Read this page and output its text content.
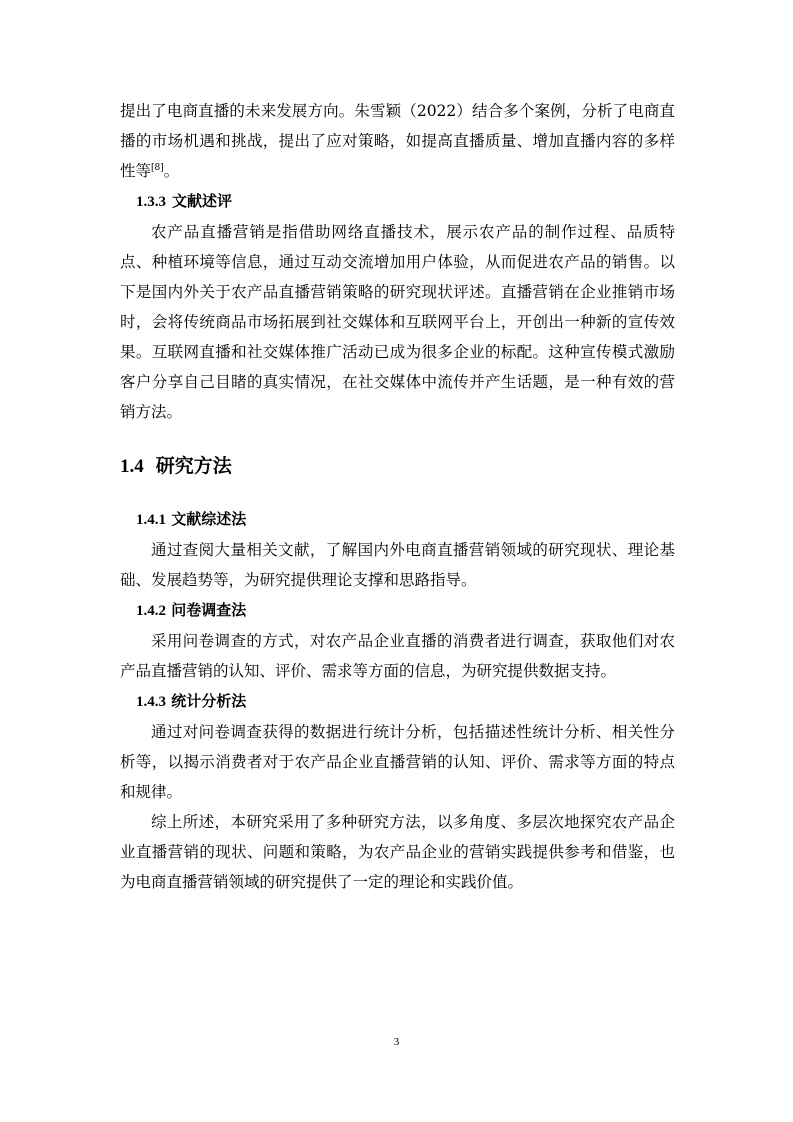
提出了电商直播的未来发展方向。朱雪颖（2022）结合多个案例，分析了电商直播的市场机遇和挑战，提出了应对策略，如提高直播质量、增加直播内容的多样性等[8]。

1.3.3 文献述评

农产品直播营销是指借助网络直播技术，展示农产品的制作过程、品质特点、种植环境等信息，通过互动交流增加用户体验，从而促进农产品的销售。以下是国内外关于农产品直播营销策略的研究现状评述。直播营销在企业推销市场时，会将传统商品市场拓展到社交媒体和互联网平台上，开创出一种新的宣传效果。互联网直播和社交媒体推广活动已成为很多企业的标配。这种宣传模式激励客户分享自己目睹的真实情况，在社交媒体中流传并产生话题，是一种有效的营销方法。

1.4 研究方法
1.4.1 文献综述法

通过查阅大量相关文献，了解国内外电商直播营销领域的研究现状、理论基础、发展趋势等，为研究提供理论支撑和思路指导。

1.4.2 问卷调查法

采用问卷调查的方式，对农产品企业直播的消费者进行调查，获取他们对农产品直播营销的认知、评价、需求等方面的信息，为研究提供数据支持。

1.4.3 统计分析法

通过对问卷调查获得的数据进行统计分析，包括描述性统计分析、相关性分析等，以揭示消费者对于农产品企业直播营销的认知、评价、需求等方面的特点和规律。

综上所述，本研究采用了多种研究方法，以多角度、多层次地探究农产品企业直播营销的现状、问题和策略，为农产品企业的营销实践提供参考和借鉴，也为电商直播营销领域的研究提供了一定的理论和实践价值。

3
